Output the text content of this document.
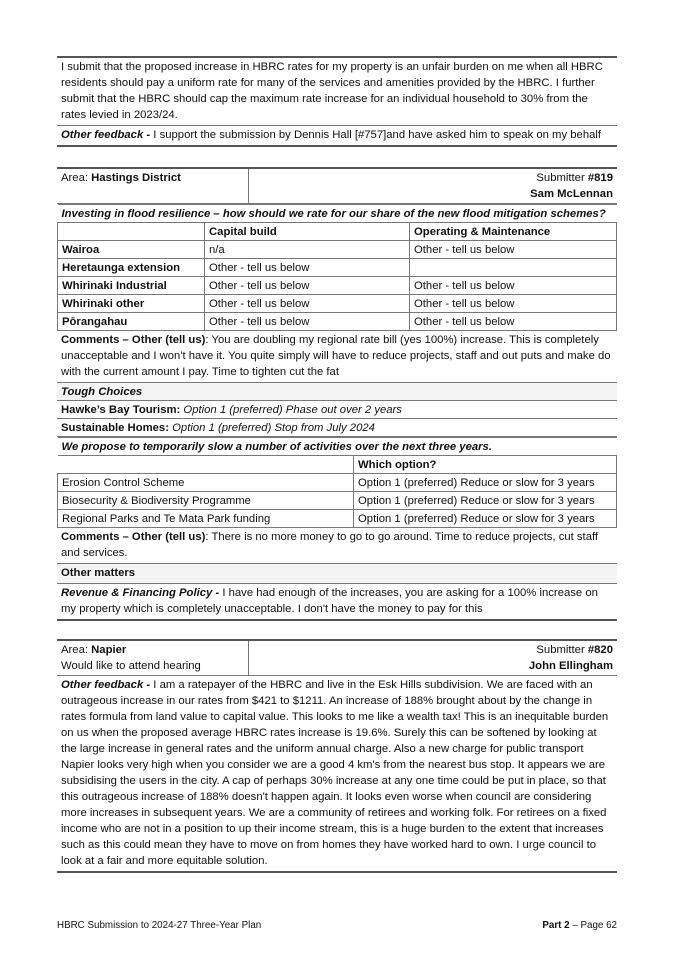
I submit that the proposed increase in HBRC rates for my property is an unfair burden on me when all HBRC residents should pay a uniform rate for many of the services and amenities provided by the HBRC. I further submit that the HBRC should cap the maximum rate increase for an individual household to 30% from the rates levied in 2023/24.
Other feedback - I support the submission by Dennis Hall [#757]and have asked him to speak on my behalf
Area: Hastings District	Submitter #819
Sam McLennan
Investing in flood resilience – how should we rate for our share of the new flood mitigation schemes?		
	Capital build	Operating & Maintenance
Wairoa	n/a	Other - tell us below
Heretaunga extension	Other - tell us below	
Whirinaki Industrial	Other - tell us below	Other - tell us below
Whirinaki other	Other - tell us below	Other - tell us below
Pōrangahau	Other - tell us below	Other - tell us below
Comments – Other (tell us): You are doubling my regional rate bill (yes 100%) increase. This is completely unacceptable and I won't have it. You quite simply will have to reduce projects, staff and out puts and make do with the current amount I pay. Time to tighten cut the fat
Tough Choices
Hawke’s Bay Tourism: Option 1 (preferred) Phase out over 2 years
Sustainable Homes: Option 1 (preferred) Stop from July 2024
We propose to temporarily slow a number of activities over the next three years.	
	Which option?
Erosion Control Scheme	Option 1 (preferred) Reduce or slow for 3 years
Biosecurity & Biodiversity Programme	Option 1 (preferred) Reduce or slow for 3 years
Regional Parks and Te Mata Park funding	Option 1 (preferred) Reduce or slow for 3 years
Comments – Other (tell us): There is no more money to go to go around. Time to reduce projects, cut staff and services.
Other matters
Revenue & Financing Policy - I have had enough of the increases, you are asking for a 100% increase on my property which is completely unacceptable. I don't have the money to pay for this
Area: Napier
Would like to attend hearing
Submitter #820
John Ellingham
Other feedback - I am a ratepayer of the HBRC and live in the Esk Hills subdivision. We are faced with an outrageous increase in our rates from $421 to $1211. An increase of 188% brought about by the change in rates formula from land value to capital value. This looks to me like a wealth tax! This is an inequitable burden on us when the proposed average HBRC rates increase is 19.6%. Surely this can be softened by looking at the large increase in general rates and the uniform annual charge. Also a new charge for public transport Napier looks very high when you consider we are a good 4 km's from the nearest bus stop. It appears we are subsidising the users in the city. A cap of perhaps 30% increase at any one time could be put in place, so that this outrageous increase of 188% doesn't happen again. It looks even worse when council are considering more increases in subsequent years. We are a community of retirees and working folk. For retirees on a fixed income who are not in a position to up their income stream, this is a huge burden to the extent that increases such as this could mean they have to move on from homes they have worked hard to own. I urge council to look at a fair and more equitable solution.
HBRC Submission to 2024-27 Three-Year Plan	Part 2 – Page 62
